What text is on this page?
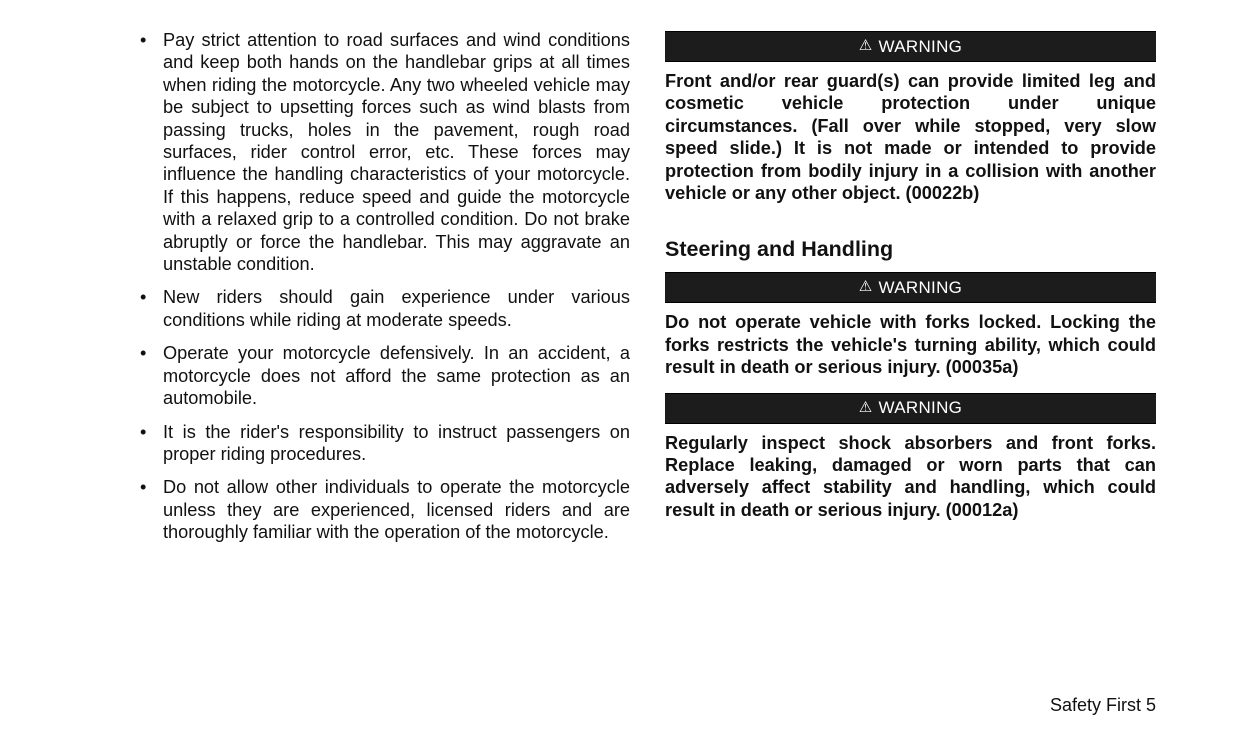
• Pay strict attention to road surfaces and wind conditions and keep both hands on the handlebar grips at all times when riding the motorcycle. Any two wheeled vehicle may be subject to upsetting forces such as wind blasts from passing trucks, holes in the pavement, rough road surfaces, rider control error, etc. These forces may influence the handling characteristics of your motorcycle. If this happens, reduce speed and guide the motorcycle with a relaxed grip to a controlled condition. Do not brake abruptly or force the handlebar. This may aggravate an unstable condition.
• New riders should gain experience under various conditions while riding at moderate speeds.
• Operate your motorcycle defensively. In an accident, a motorcycle does not afford the same protection as an automobile.
• It is the rider's responsibility to instruct passengers on proper riding procedures.
• Do not allow other individuals to operate the motorcycle unless they are experienced, licensed riders and are thoroughly familiar with the operation of the motorcycle.
⚠ WARNING

Front and/or rear guard(s) can provide limited leg and cosmetic vehicle protection under unique circumstances. (Fall over while stopped, very slow speed slide.) It is not made or intended to provide protection from bodily injury in a collision with another vehicle or any other object. (00022b)

Steering and Handling
⚠ WARNING

Do not operate vehicle with forks locked. Locking the forks restricts the vehicle's turning ability, which could result in death or serious injury. (00035a)

⚠ WARNING

Regularly inspect shock absorbers and front forks. Replace leaking, damaged or worn parts that can adversely affect stability and handling, which could result in death or serious injury. (00012a)

Safety First 5
